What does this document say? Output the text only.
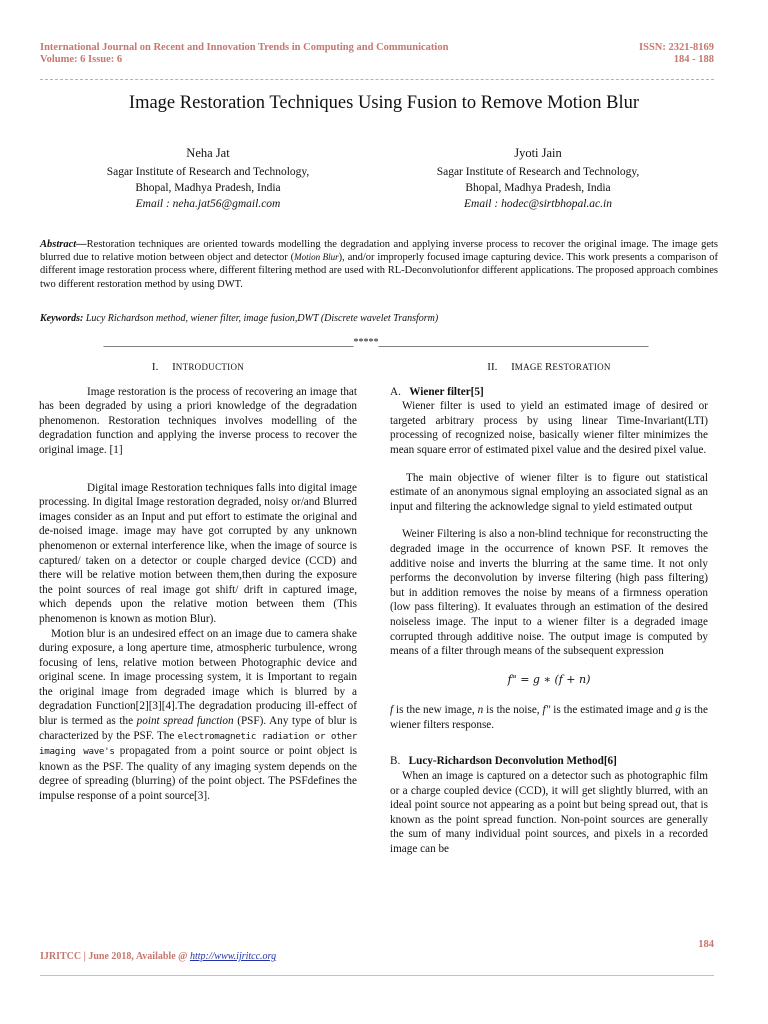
International Journal on Recent and Innovation Trends in Computing and Communication
Volume: 6 Issue: 6
ISSN: 2321-8169
184 - 188
Image Restoration Techniques Using Fusion to Remove Motion Blur
Neha Jat
Sagar Institute of Research and Technology,
Bhopal, Madhya Pradesh, India
Email : neha.jat56@gmail.com
Jyoti Jain
Sagar Institute of Research and Technology,
Bhopal, Madhya Pradesh, India
Email : hodec@sirtbhopal.ac.in
Abstract—Restoration techniques are oriented towards modelling the degradation and applying inverse process to recover the original image. The image gets blurred due to relative motion between object and detector (Motion Blur), and/or improperly focused image capturing device. This work presents a comparison of different image restoration process where, different filtering method are used with RL-Deconvolutionfor different applications. The proposed approach combines two different restoration method by using DWT.
Keywords: Lucy Richardson method, wiener filter, image fusion,DWT (Discrete wavelet Transform)
__________________________________________________*****______________________________________________________
I. INTRODUCTION

Image restoration is the process of recovering an image that has been degraded by using a priori knowledge of the degradation phenomenon. Restoration techniques involves modelling of the degradation function and applying the inverse process to recover the original image. [1]

Digital image Restoration techniques falls into digital image processing. In digital Image restoration degraded, noisy or/and Blurred images consider as an Input and put effort to estimate the original and de-noised image. image may have got corrupted by any unknown phenomenon or external interference like, when the image of source is captured/ taken on a detector or couple charged device (CCD) and there will be relative motion between them,then during the exposure the point sources of real image got shift/ drift in captured image, which depends upon the relative motion between them (This phenomenon is known as motion Blur).

Motion blur is an undesired effect on an image due to camera shake during exposure, a long aperture time, atmospheric turbulence, wrong focusing of lens, relative motion between Photographic device and original scene. In image processing system, it is Important to regain the original image from degraded image which is blurred by a degradation Function[2][3][4].The degradation producing ill-effect of blur is termed as the point spread function (PSF). Any type of blur is characterized by the PSF. The electromagnetic radiation or other imaging wave's propagated from a point source or point object is known as the PSF. The quality of any imaging system depends on the degree of spreading (blurring) of the point object. The PSFdefines the impulse response of a point source[3].

II. IMAGE RESTORATION
A. Wiener filter[5]

Wiener filter is used to yield an estimated image of desired or targeted arbitrary process by using linear Time-Invariant(LTI) processing of recognized noise, basically wiener filter minimizes the mean square error of estimated pixel value and the desired pixel value.

The main objective of wiener filter is to figure out statistical estimate of an anonymous signal employing an associated signal as an input and filtering the acknowledge signal to yield estimated output

Weiner Filtering is also a non-blind technique for reconstructing the degraded image in the occurrence of known PSF. It removes the additive noise and inverts the blurring at the same time. It not only performs the deconvolution by inverse filtering (high pass filtering) but in addition removes the noise by means of a firmness operation (low pass filtering). It evaluates through an estimation of the desired noiseless image. The input to a wiener filter is a degraded image corrupted through additive noise. The output image is computed by means of a filter through means of the subsequent expression

f" = g ∗ (f + n)

f is the new image, n is the noise, f" is the estimated image and g is the wiener filters response.

B. Lucy-Richardson Deconvolution Method[6]

When an image is captured on a detector such as photographic film or a charge coupled device (CCD), it will get slightly blurred, with an ideal point source not appearing as a point but being spread out, that is known as the point spread function. Non-point sources are generally the sum of many individual point sources, and pixels in a recorded image can be

184
IJRITCC | June 2018, Available @ http://www.ijritcc.org
